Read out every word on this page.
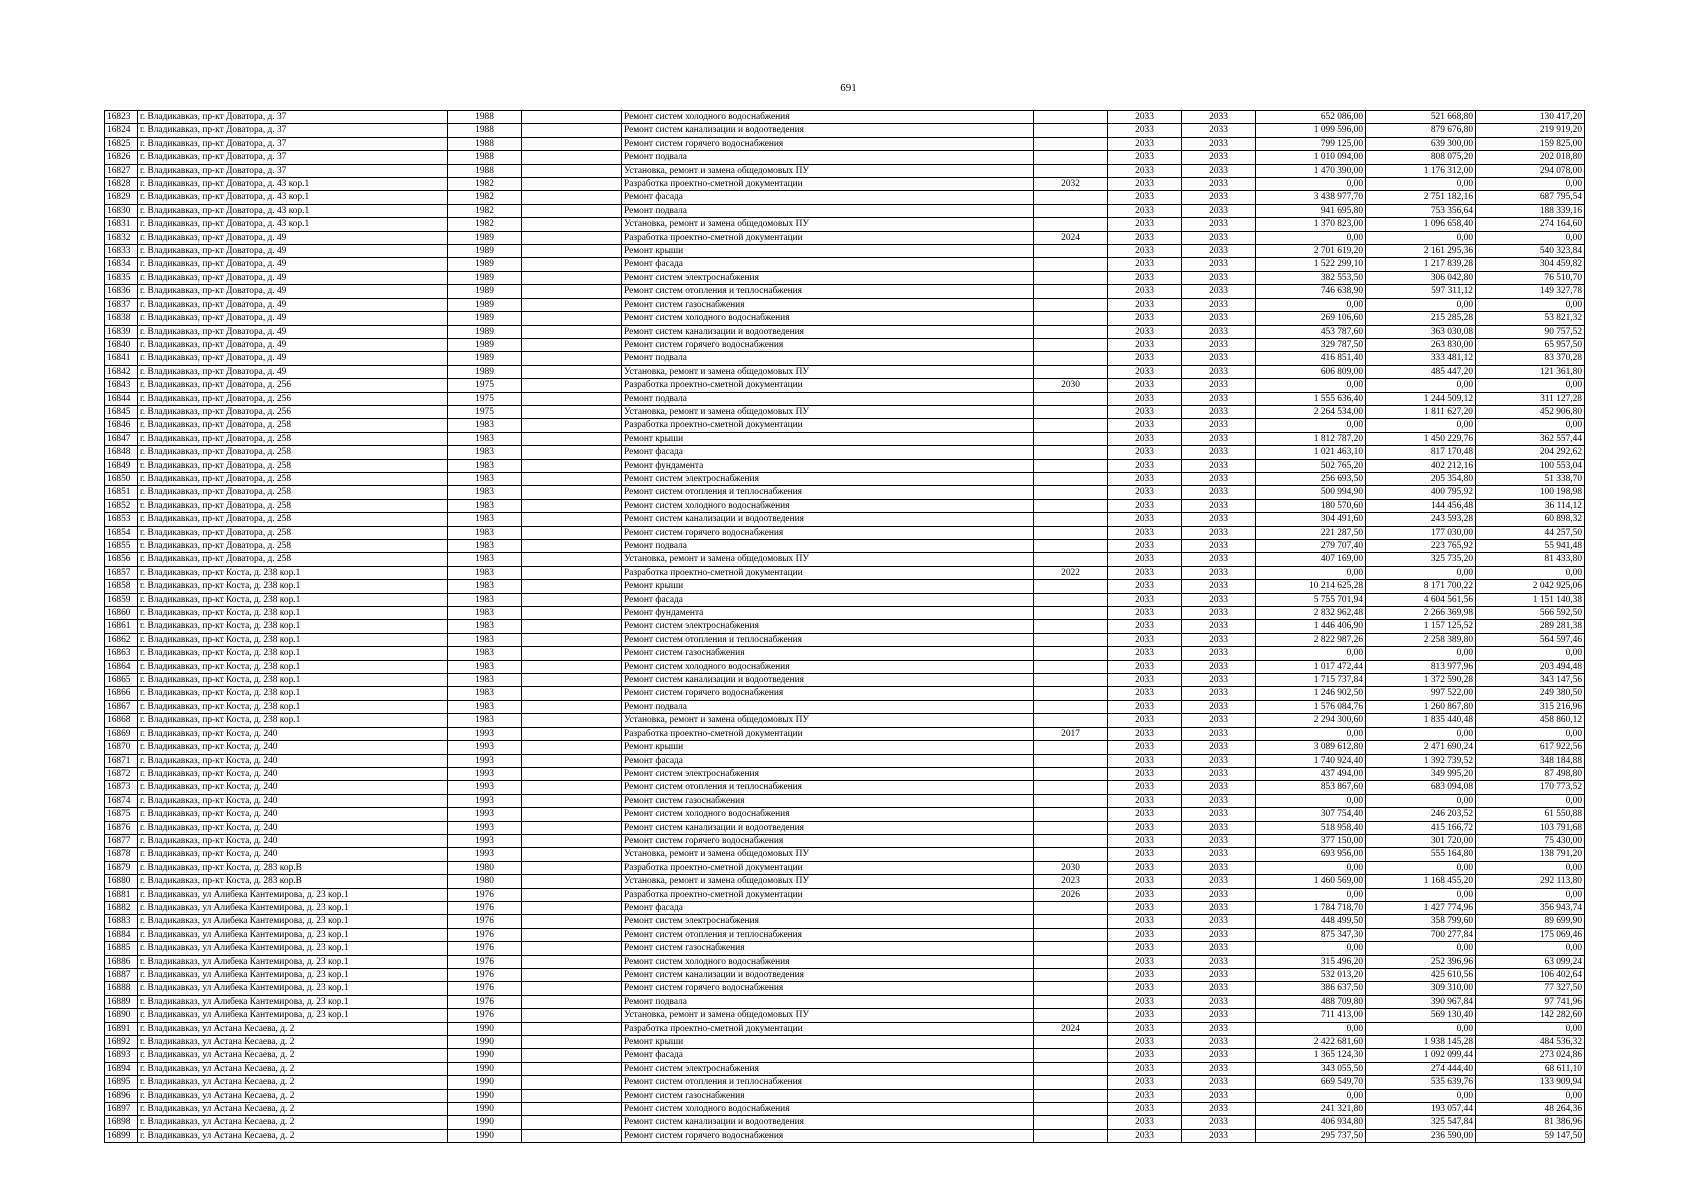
691
16823	г. Владикавказ, пр-кт Доватора, д. 37	1988		Ремонт систем холодного водоснабжения		2033	2033	652 086,00	521 668,80	130 417,20
16824	г. Владикавказ, пр-кт Доватора, д. 37	1988		Ремонт систем канализации и водоотведения		2033	2033	1 099 596,00	879 676,80	219 919,20
16825	г. Владикавказ, пр-кт Доватора, д. 37	1988		Ремонт систем горячего водоснабжения		2033	2033	799 125,00	639 300,00	159 825,00
16826	г. Владикавказ, пр-кт Доватора, д. 37	1988		Ремонт подвала		2033	2033	1 010 094,00	808 075,20	202 018,80
16827	г. Владикавказ, пр-кт Доватора, д. 37	1988		Установка, ремонт и замена общедомовых ПУ		2033	2033	1 470 390,00	1 176 312,00	294 078,00
16828	г. Владикавказ, пр-кт Доватора, д. 43 кор.1	1982		Разработка проектно-сметной документации	2032	2033	2033	0,00	0,00	0,00
16829	г. Владикавказ, пр-кт Доватора, д. 43 кор.1	1982		Ремонт фасада		2033	2033	3 438 977,70	2 751 182,16	687 795,54
16830	г. Владикавказ, пр-кт Доватора, д. 43 кор.1	1982		Ремонт подвала		2033	2033	941 695,80	753 356,64	188 339,16
16831	г. Владикавказ, пр-кт Доватора, д. 43 кор.1	1982		Установка, ремонт и замена общедомовых ПУ		2033	2033	1 370 823,00	1 096 658,40	274 164,60
16832	г. Владикавказ, пр-кт Доватора, д. 49	1989		Разработка проектно-сметной документации	2024	2033	2033	0,00	0,00	0,00
16833	г. Владикавказ, пр-кт Доватора, д. 49	1989		Ремонт крыши		2033	2033	2 701 619,20	2 161 295,36	540 323,84
16834	г. Владикавказ, пр-кт Доватора, д. 49	1989		Ремонт фасада		2033	2033	1 522 299,10	1 217 839,28	304 459,82
16835	г. Владикавказ, пр-кт Доватора, д. 49	1989		Ремонт систем электроснабжения		2033	2033	382 553,50	306 042,80	76 510,70
16836	г. Владикавказ, пр-кт Доватора, д. 49	1989		Ремонт систем отопления и теплоснабжения		2033	2033	746 638,90	597 311,12	149 327,78
16837	г. Владикавказ, пр-кт Доватора, д. 49	1989		Ремонт систем газоснабжения		2033	2033	0,00	0,00	0,00
16838	г. Владикавказ, пр-кт Доватора, д. 49	1989		Ремонт систем холодного водоснабжения		2033	2033	269 106,60	215 285,28	53 821,32
16839	г. Владикавказ, пр-кт Доватора, д. 49	1989		Ремонт систем канализации и водоотведения		2033	2033	453 787,60	363 030,08	90 757,52
16840	г. Владикавказ, пр-кт Доватора, д. 49	1989		Ремонт систем горячего водоснабжения		2033	2033	329 787,50	263 830,00	65 957,50
16841	г. Владикавказ, пр-кт Доватора, д. 49	1989		Ремонт подвала		2033	2033	416 851,40	333 481,12	83 370,28
16842	г. Владикавказ, пр-кт Доватора, д. 49	1989		Установка, ремонт и замена общедомовых ПУ		2033	2033	606 809,00	485 447,20	121 361,80
16843	г. Владикавказ, пр-кт Доватора, д. 256	1975		Разработка проектно-сметной документации	2030	2033	2033	0,00	0,00	0,00
16844	г. Владикавказ, пр-кт Доватора, д. 256	1975		Ремонт подвала		2033	2033	1 555 636,40	1 244 509,12	311 127,28
16845	г. Владикавказ, пр-кт Доватора, д. 256	1975		Установка, ремонт и замена общедомовых ПУ		2033	2033	2 264 534,00	1 811 627,20	452 906,80
16846	г. Владикавказ, пр-кт Доватора, д. 258	1983		Разработка проектно-сметной документации		2033	2033	0,00	0,00	0,00
16847	г. Владикавказ, пр-кт Доватора, д. 258	1983		Ремонт крыши		2033	2033	1 812 787,20	1 450 229,76	362 557,44
16848	г. Владикавказ, пр-кт Доватора, д. 258	1983		Ремонт фасада		2033	2033	1 021 463,10	817 170,48	204 292,62
16849	г. Владикавказ, пр-кт Доватора, д. 258	1983		Ремонт фундамента		2033	2033	502 765,20	402 212,16	100 553,04
16850	г. Владикавказ, пр-кт Доватора, д. 258	1983		Ремонт систем электроснабжения		2033	2033	256 693,50	205 354,80	51 338,70
16851	г. Владикавказ, пр-кт Доватора, д. 258	1983		Ремонт систем отопления и теплоснабжения		2033	2033	500 994,90	400 795,92	100 198,98
16852	г. Владикавказ, пр-кт Доватора, д. 258	1983		Ремонт систем холодного водоснабжения		2033	2033	180 570,60	144 456,48	36 114,12
16853	г. Владикавказ, пр-кт Доватора, д. 258	1983		Ремонт систем канализации и водоотведения		2033	2033	304 491,60	243 593,28	60 898,32
16854	г. Владикавказ, пр-кт Доватора, д. 258	1983		Ремонт систем горячего водоснабжения		2033	2033	221 287,50	177 030,00	44 257,50
16855	г. Владикавказ, пр-кт Доватора, д. 258	1983		Ремонт подвала		2033	2033	279 707,40	223 765,92	55 941,48
16856	г. Владикавказ, пр-кт Доватора, д. 258	1983		Установка, ремонт и замена общедомовых ПУ		2033	2033	407 169,00	325 735,20	81 433,80
16857	г. Владикавказ, пр-кт Коста, д. 238 кор.1	1983		Разработка проектно-сметной документации	2022	2033	2033	0,00	0,00	0,00
16858	г. Владикавказ, пр-кт Коста, д. 238 кор.1	1983		Ремонт крыши		2033	2033	10 214 625,28	8 171 700,22	2 042 925,06
16859	г. Владикавказ, пр-кт Коста, д. 238 кор.1	1983		Ремонт фасада		2033	2033	5 755 701,94	4 604 561,56	1 151 140,38
16860	г. Владикавказ, пр-кт Коста, д. 238 кор.1	1983		Ремонт фундамента		2033	2033	2 832 962,48	2 266 369,98	566 592,50
16861	г. Владикавказ, пр-кт Коста, д. 238 кор.1	1983		Ремонт систем электроснабжения		2033	2033	1 446 406,90	1 157 125,52	289 281,38
16862	г. Владикавказ, пр-кт Коста, д. 238 кор.1	1983		Ремонт систем отопления и теплоснабжения		2033	2033	2 822 987,26	2 258 389,80	564 597,46
16863	г. Владикавказ, пр-кт Коста, д. 238 кор.1	1983		Ремонт систем газоснабжения		2033	2033	0,00	0,00	0,00
16864	г. Владикавказ, пр-кт Коста, д. 238 кор.1	1983		Ремонт систем холодного водоснабжения		2033	2033	1 017 472,44	813 977,96	203 494,48
16865	г. Владикавказ, пр-кт Коста, д. 238 кор.1	1983		Ремонт систем канализации и водоотведения		2033	2033	1 715 737,84	1 372 590,28	343 147,56
16866	г. Владикавказ, пр-кт Коста, д. 238 кор.1	1983		Ремонт систем горячего водоснабжения		2033	2033	1 246 902,50	997 522,00	249 380,50
16867	г. Владикавказ, пр-кт Коста, д. 238 кор.1	1983		Ремонт подвала		2033	2033	1 576 084,76	1 260 867,80	315 216,96
16868	г. Владикавказ, пр-кт Коста, д. 238 кор.1	1983		Установка, ремонт и замена общедомовых ПУ		2033	2033	2 294 300,60	1 835 440,48	458 860,12
16869	г. Владикавказ, пр-кт Коста, д. 240	1993		Разработка проектно-сметной документации	2017	2033	2033	0,00	0,00	0,00
16870	г. Владикавказ, пр-кт Коста, д. 240	1993		Ремонт крыши		2033	2033	3 089 612,80	2 471 690,24	617 922,56
16871	г. Владикавказ, пр-кт Коста, д. 240	1993		Ремонт фасада		2033	2033	1 740 924,40	1 392 739,52	348 184,88
16872	г. Владикавказ, пр-кт Коста, д. 240	1993		Ремонт систем электроснабжения		2033	2033	437 494,00	349 995,20	87 498,80
16873	г. Владикавказ, пр-кт Коста, д. 240	1993		Ремонт систем отопления и теплоснабжения		2033	2033	853 867,60	683 094,08	170 773,52
16874	г. Владикавказ, пр-кт Коста, д. 240	1993		Ремонт систем газоснабжения		2033	2033	0,00	0,00	0,00
16875	г. Владикавказ, пр-кт Коста, д. 240	1993		Ремонт систем холодного водоснабжения		2033	2033	307 754,40	246 203,52	61 550,88
16876	г. Владикавказ, пр-кт Коста, д. 240	1993		Ремонт систем канализации и водоотведения		2033	2033	518 958,40	415 166,72	103 791,68
16877	г. Владикавказ, пр-кт Коста, д. 240	1993		Ремонт систем горячего водоснабжения		2033	2033	377 150,00	301 720,00	75 430,00
16878	г. Владикавказ, пр-кт Коста, д. 240	1993		Установка, ремонт и замена общедомовых ПУ		2033	2033	693 956,00	555 164,80	138 791,20
16879	г. Владикавказ, пр-кт Коста, д. 283 кор.В	1980		Разработка проектно-сметной документации	2030	2033	2033	0,00	0,00	0,00
16880	г. Владикавказ, пр-кт Коста, д. 283 кор.В	1980		Установка, ремонт и замена общедомовых ПУ	2023	2033	2033	1 460 569,00	1 168 455,20	292 113,80
16881	г. Владикавказ, ул Алибека Кантемирова, д. 23 кор.1	1976		Разработка проектно-сметной документации	2026	2033	2033	0,00	0,00	0,00
16882	г. Владикавказ, ул Алибека Кантемирова, д. 23 кор.1	1976		Ремонт фасада		2033	2033	1 784 718,70	1 427 774,96	356 943,74
16883	г. Владикавказ, ул Алибека Кантемирова, д. 23 кор.1	1976		Ремонт систем электроснабжения		2033	2033	448 499,50	358 799,60	89 699,90
16884	г. Владикавказ, ул Алибека Кантемирова, д. 23 кор.1	1976		Ремонт систем отопления и теплоснабжения		2033	2033	875 347,30	700 277,84	175 069,46
16885	г. Владикавказ, ул Алибека Кантемирова, д. 23 кор.1	1976		Ремонт систем газоснабжения		2033	2033	0,00	0,00	0,00
16886	г. Владикавказ, ул Алибека Кантемирова, д. 23 кор.1	1976		Ремонт систем холодного водоснабжения		2033	2033	315 496,20	252 396,96	63 099,24
16887	г. Владикавказ, ул Алибека Кантемирова, д. 23 кор.1	1976		Ремонт систем канализации и водоотведения		2033	2033	532 013,20	425 610,56	106 402,64
16888	г. Владикавказ, ул Алибека Кантемирова, д. 23 кор.1	1976		Ремонт систем горячего водоснабжения		2033	2033	386 637,50	309 310,00	77 327,50
16889	г. Владикавказ, ул Алибека Кантемирова, д. 23 кор.1	1976		Ремонт подвала		2033	2033	488 709,80	390 967,84	97 741,96
16890	г. Владикавказ, ул Алибека Кантемирова, д. 23 кор.1	1976		Установка, ремонт и замена общедомовых ПУ		2033	2033	711 413,00	569 130,40	142 282,60
16891	г. Владикавказ, ул Астана Кесаева, д. 2	1990		Разработка проектно-сметной документации	2024	2033	2033	0,00	0,00	0,00
16892	г. Владикавказ, ул Астана Кесаева, д. 2	1990		Ремонт крыши		2033	2033	2 422 681,60	1 938 145,28	484 536,32
16893	г. Владикавказ, ул Астана Кесаева, д. 2	1990		Ремонт фасада		2033	2033	1 365 124,30	1 092 099,44	273 024,86
16894	г. Владикавказ, ул Астана Кесаева, д. 2	1990		Ремонт систем электроснабжения		2033	2033	343 055,50	274 444,40	68 611,10
16895	г. Владикавказ, ул Астана Кесаева, д. 2	1990		Ремонт систем отопления и теплоснабжения		2033	2033	669 549,70	535 639,76	133 909,94
16896	г. Владикавказ, ул Астана Кесаева, д. 2	1990		Ремонт систем газоснабжения		2033	2033	0,00	0,00	0,00
16897	г. Владикавказ, ул Астана Кесаева, д. 2	1990		Ремонт систем холодного водоснабжения		2033	2033	241 321,80	193 057,44	48 264,36
16898	г. Владикавказ, ул Астана Кесаева, д. 2	1990		Ремонт систем канализации и водоотведения		2033	2033	406 934,80	325 547,84	81 386,96
16899	г. Владикавказ, ул Астана Кесаева, д. 2	1990		Ремонт систем горячего водоснабжения		2033	2033	295 737,50	236 590,00	59 147,50
